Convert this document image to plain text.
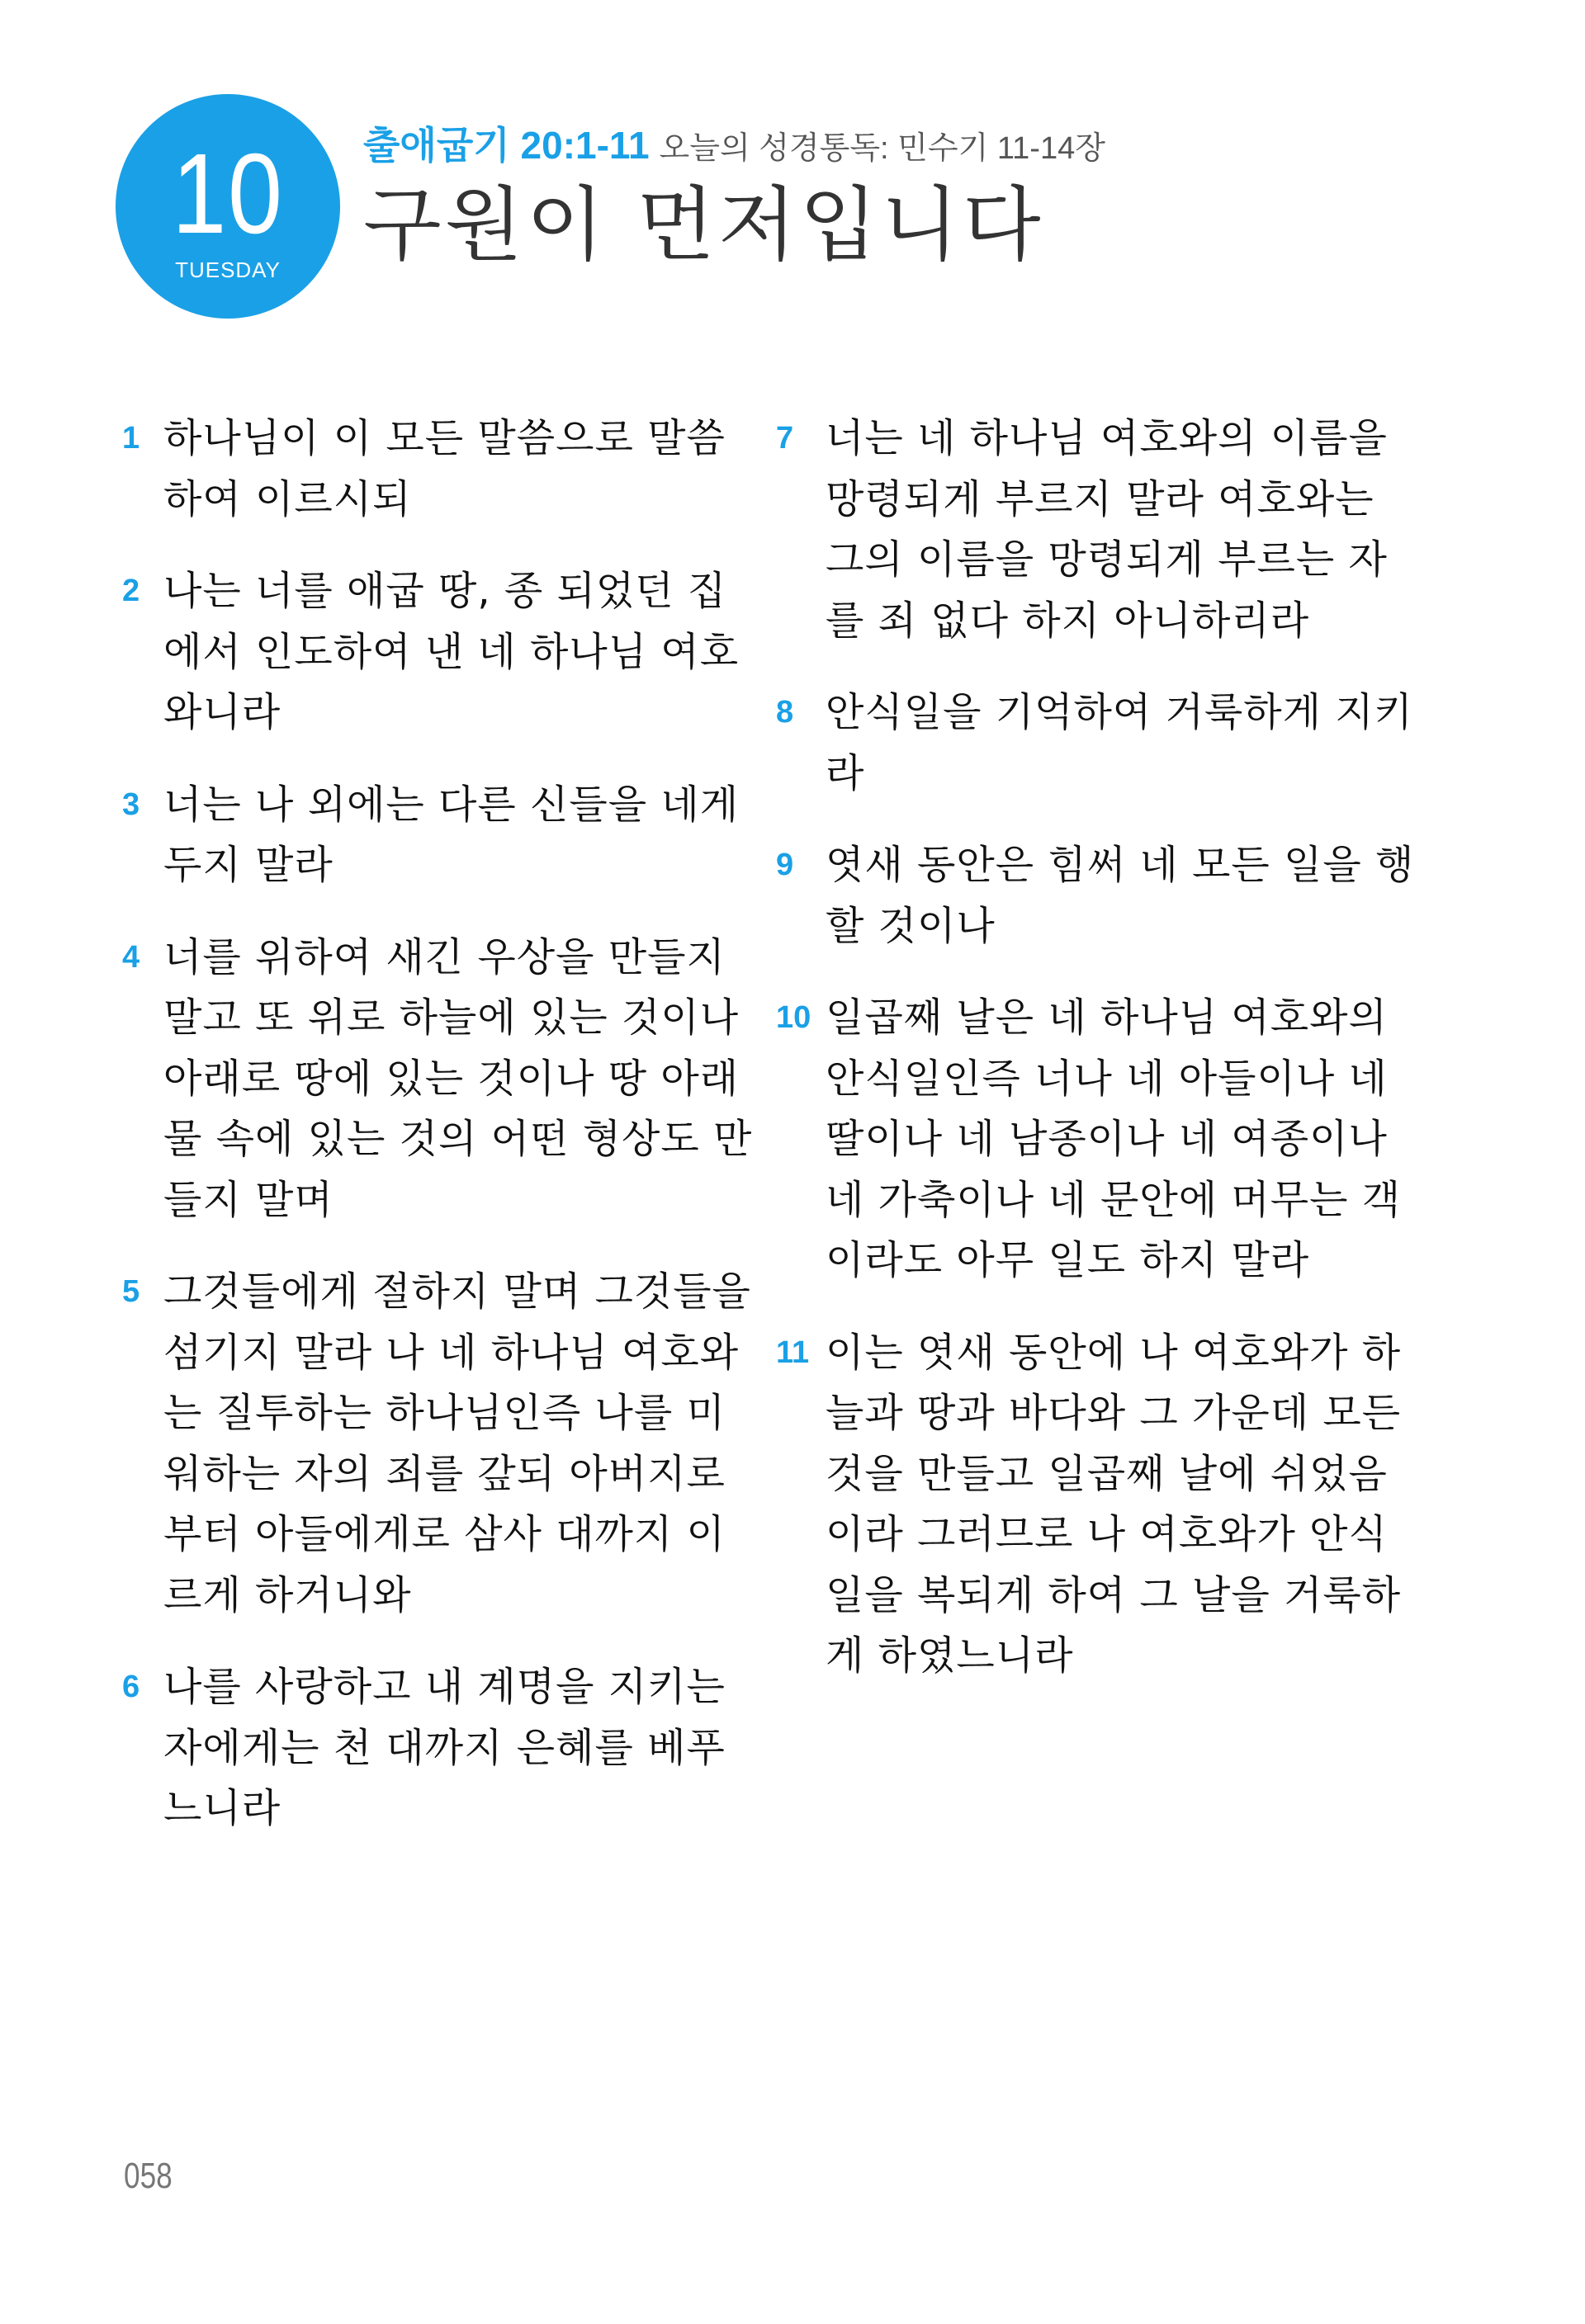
10
TUESDAY
출애굽기 20:1-11 오늘의 성경통독: 민수기 11-14장
구원이 먼저입니다
1 하나님이 이 모든 말씀으로 말씀
하여 이르시되
2 나는 너를 애굽 땅, 종 되었던 집
에서 인도하여 낸 네 하나님 여호
와니라
3 너는 나 외에는 다른 신들을 네게
두지 말라
4 너를 위하여 새긴 우상을 만들지
말고 또 위로 하늘에 있는 것이나
아래로 땅에 있는 것이나 땅 아래
물 속에 있는 것의 어떤 형상도 만
들지 말며
5 그것들에게 절하지 말며 그것들을
섬기지 말라 나 네 하나님 여호와
는 질투하는 하나님인즉 나를 미
워하는 자의 죄를 갚되 아버지로
부터 아들에게로 삼사 대까지 이
르게 하거니와
6 나를 사랑하고 내 계명을 지키는
자에게는 천 대까지 은혜를 베푸
느니라
7 너는 네 하나님 여호와의 이름을
망령되게 부르지 말라 여호와는
그의 이름을 망령되게 부르는 자
를 죄 없다 하지 아니하리라
8 안식일을 기억하여 거룩하게 지키
라
9 엿새 동안은 힘써 네 모든 일을 행
할 것이나
10 일곱째 날은 네 하나님 여호와의
안식일인즉 너나 네 아들이나 네
딸이나 네 남종이나 네 여종이나
네 가축이나 네 문안에 머무는 객
이라도 아무 일도 하지 말라
11 이는 엿새 동안에 나 여호와가 하
늘과 땅과 바다와 그 가운데 모든
것을 만들고 일곱째 날에 쉬었음
이라 그러므로 나 여호와가 안식
일을 복되게 하여 그 날을 거룩하
게 하였느니라
058
